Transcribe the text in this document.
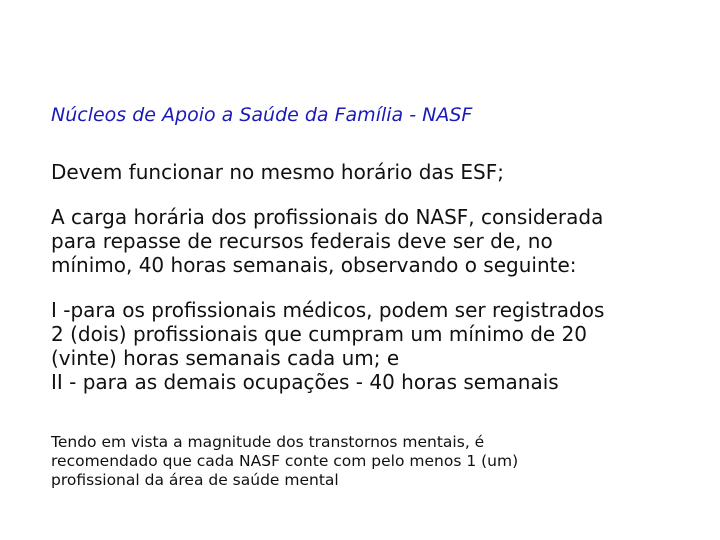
Núcleos de Apoio a Saúde da Família - NASF
Devem funcionar no mesmo horário das ESF;
A carga horária dos profissionais do NASF, considerada
para repasse de recursos federais deve ser de, no
mínimo, 40 horas semanais, observando o seguinte:
I -para os profissionais médicos, podem ser registrados
2 (dois) profissionais que cumpram um mínimo de 20
(vinte) horas semanais cada um; e
II - para as demais ocupações - 40 horas semanais
Tendo em vista a magnitude dos transtornos mentais, é
recomendado que cada NASF conte com pelo menos 1 (um)
profissional da área de saúde mental
